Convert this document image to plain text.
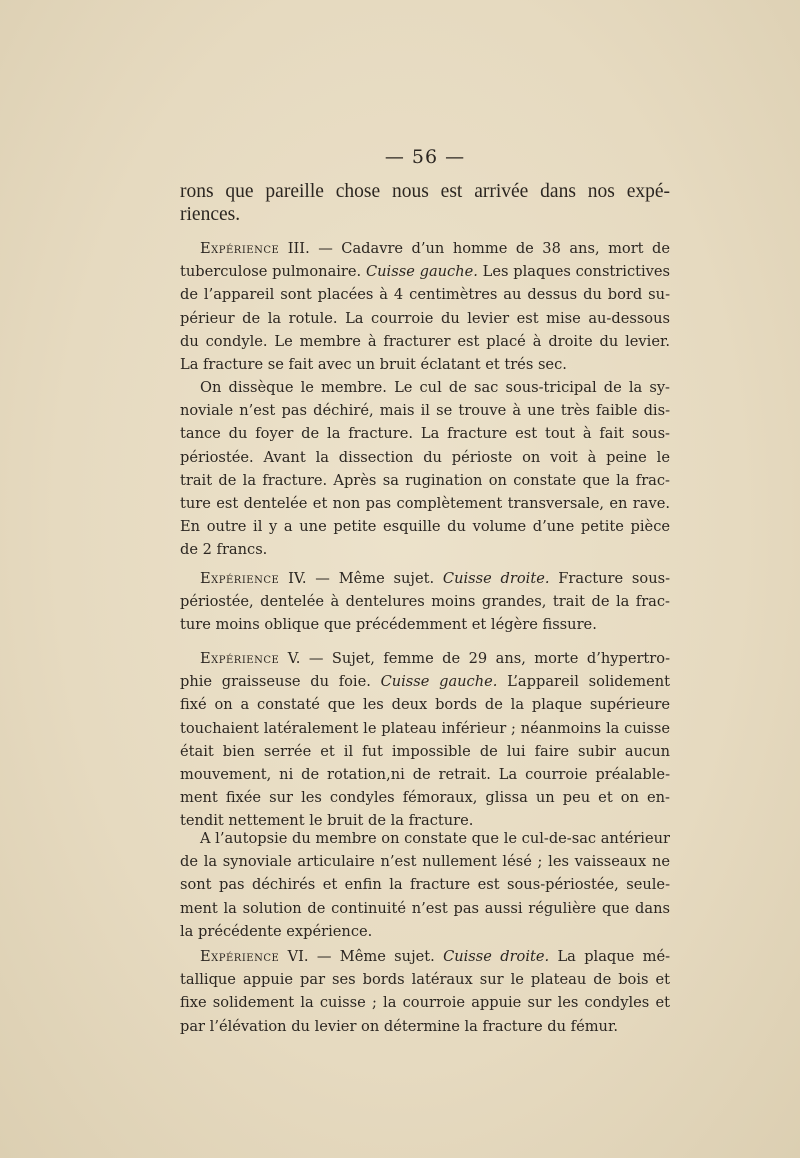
— 56 —
rons que pareille chose nous est arrivée dans nos expé-
riences.
Expérience III. — Cadavre d’un homme de 38 ans, mort de
tuberculose pulmonaire. Cuisse gauche. Les plaques constrictives
de l’appareil sont placées à 4 centimètres au dessus du bord su-
périeur de la rotule. La courroie du levier est mise au-dessous
du condyle. Le membre à fracturer est placé à droite du levier.
La fracture se fait avec un bruit éclatant et trés sec.
On dissèque le membre. Le cul de sac sous-tricipal de la sy-
noviale n’est pas déchiré, mais il se trouve à une très faible dis-
tance du foyer de la fracture. La fracture est tout à fait sous-
périostée. Avant la dissection du périoste on voit à peine le
trait de la fracture. Après sa rugination on constate que la frac-
ture est dentelée et non pas complètement transversale, en rave.
En outre il y a une petite esquille du volume d’une petite pièce
de 2 francs.
Expérience IV. — Même sujet. Cuisse droite. Fracture sous-
périostée, dentelée à dentelures moins grandes, trait de la frac-
ture moins oblique que précédemment et légère fissure.
Expérience V. — Sujet, femme de 29 ans, morte d’hypertro-
phie graisseuse du foie. Cuisse gauche. L’appareil solidement
fixé on a constaté que les deux bords de la plaque supérieure
touchaient latéralement le plateau inférieur ; néanmoins la cuisse
était bien serrée et il fut impossible de lui faire subir aucun
mouvement, ni de rotation,ni de retrait. La courroie préalable-
ment fixée sur les condyles fémoraux, glissa un peu et on en-
tendit nettement le bruit de la fracture.
A l’autopsie du membre on constate que le cul-de-sac antérieur
de la synoviale articulaire n’est nullement lésé ; les vaisseaux ne
sont pas déchirés et enfin la fracture est sous-périostée, seule-
ment la solution de continuité n’est pas aussi régulière que dans
la précédente expérience.
Expérience VI. — Même sujet. Cuisse droite. La plaque mé-
tallique appuie par ses bords latéraux sur le plateau de bois et
fixe solidement la cuisse ; la courroie appuie sur les condyles et
par l’élévation du levier on détermine la fracture du fémur.
